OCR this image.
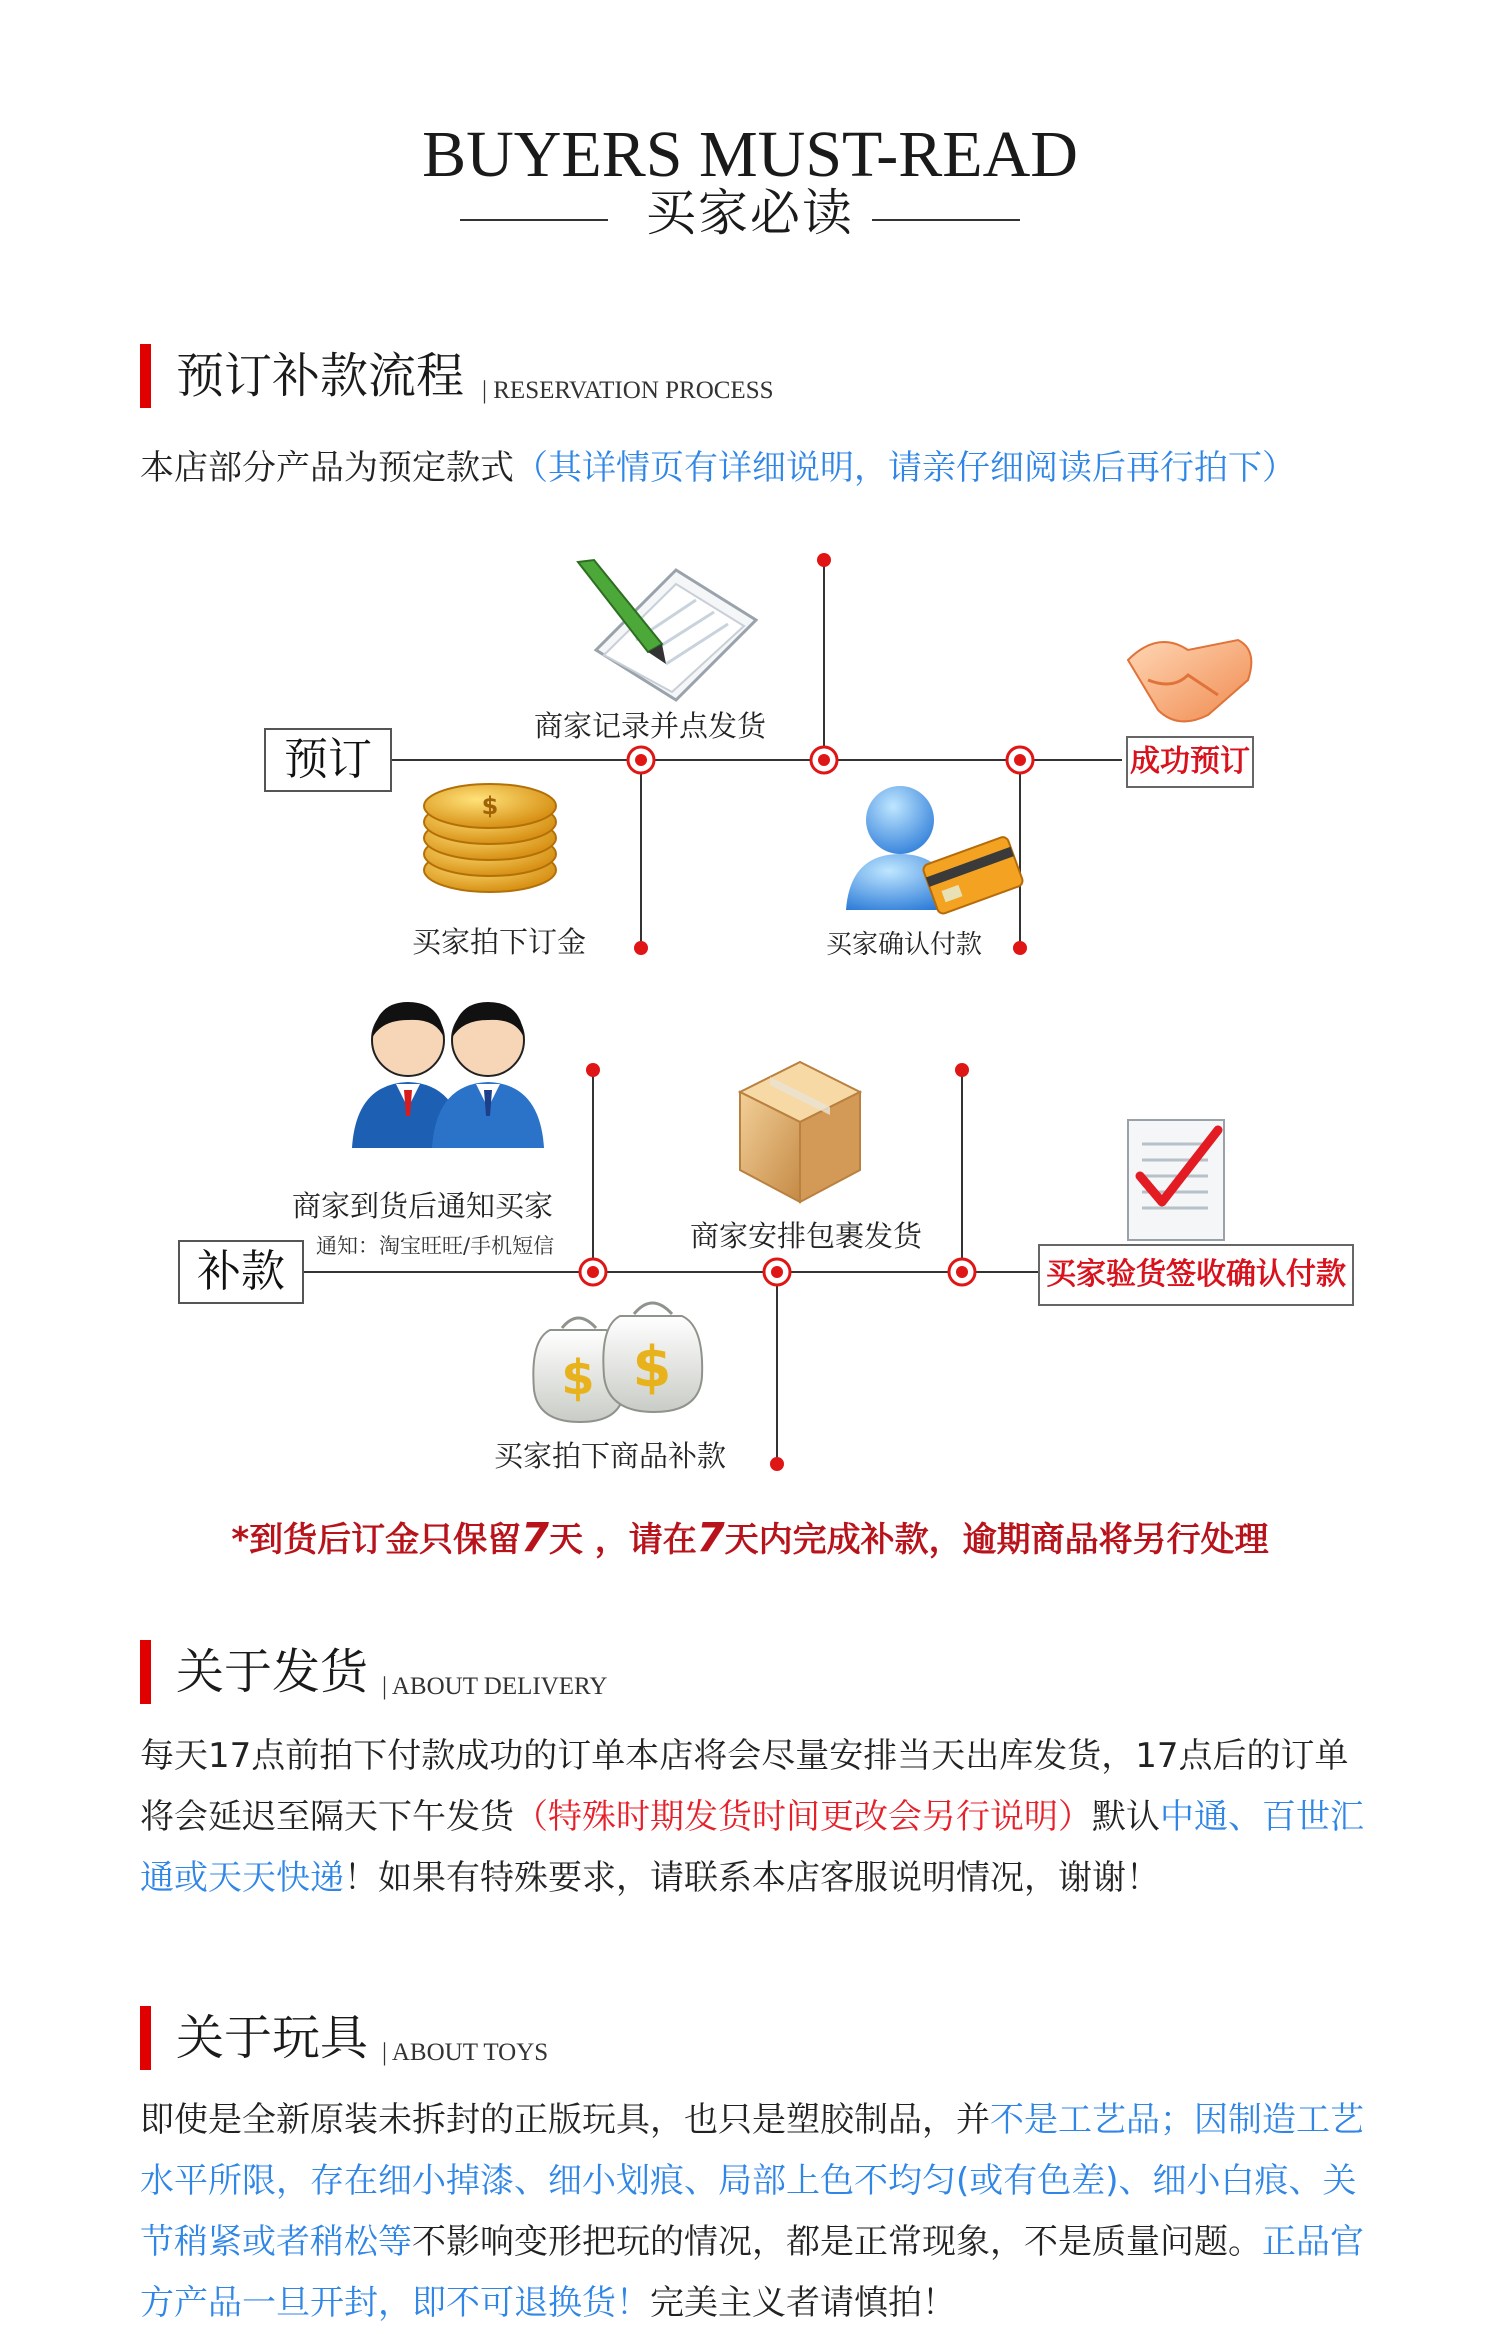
BUYERS MUST-READ
买家必读
预订补款流程 | RESERVATION PROCESS
本店部分产品为预定款式（其详情页有详细说明，请亲仔细阅读后再行拍下）
$
$ $
预订
商家记录并点发货
买家拍下订金	买家确认付款
成功预订
商家到货后通知买家
通知：淘宝旺旺/手机短信
补款
商家安排包裹发货
买家拍下商品补款
买家验货签收确认付款
*到货后订金只保留7天 ，请在7天内完成补款，逾期商品将另行处理
关于发货 | ABOUT DELIVERY
每天17点前拍下付款成功的订单本店将会尽量安排当天出库发货，17点后的订单将会延迟至隔天下午发货（特殊时期发货时间更改会另行说明）默认中通、百世汇通或天天快递！如果有特殊要求，请联系本店客服说明情况，谢谢！
关于玩具 | ABOUT TOYS
即使是全新原装未拆封的正版玩具，也只是塑胶制品，并不是工艺品；因制造工艺水平所限，存在细小掉漆、细小划痕、局部上色不均匀(或有色差)、细小白痕、关节稍紧或者稍松等不影响变形把玩的情况，都是正常现象，不是质量问题。正品官方产品一旦开封，即不可退换货！完美主义者请慎拍！
